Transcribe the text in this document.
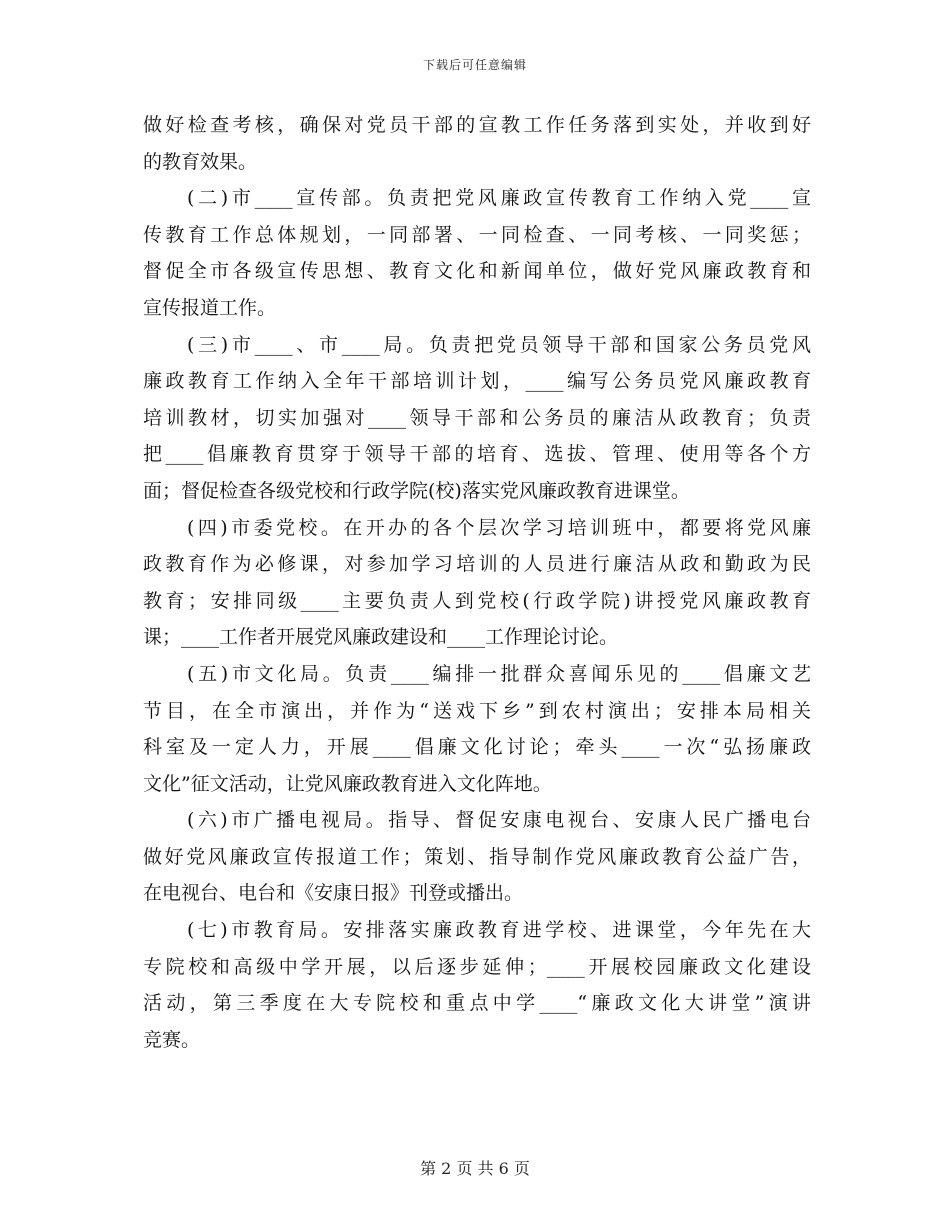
下载后可任意编辑
做好检查考核，确保对党员干部的宣教工作任务落到实处，并收到好
的教育效果。
(二)市____宣传部。负责把党风廉政宣传教育工作纳入党____宣
传教育工作总体规划，一同部署、一同检查、一同考核、一同奖惩；
督促全市各级宣传思想、教育文化和新闻单位，做好党风廉政教育和
宣传报道工作。
(三)市____、市____局。负责把党员领导干部和国家公务员党风
廉政教育工作纳入全年干部培训计划，____编写公务员党风廉政教育
培训教材，切实加强对____领导干部和公务员的廉洁从政教育；负责
把____倡廉教育贯穿于领导干部的培育、选拔、管理、使用等各个方
面；督促检查各级党校和行政学院(校)落实党风廉政教育进课堂。
(四)市委党校。在开办的各个层次学习培训班中，都要将党风廉
政教育作为必修课，对参加学习培训的人员进行廉洁从政和勤政为民
教育；安排同级____主要负责人到党校(行政学院)讲授党风廉政教育
课；____工作者开展党风廉政建设和____工作理论讨论。
(五)市文化局。负责____编排一批群众喜闻乐见的____倡廉文艺
节目，在全市演出，并作为“送戏下乡”到农村演出；安排本局相关
科室及一定人力，开展____倡廉文化讨论；牵头____一次“弘扬廉政
文化”征文活动，让党风廉政教育进入文化阵地。
(六)市广播电视局。指导、督促安康电视台、安康人民广播电台
做好党风廉政宣传报道工作；策划、指导制作党风廉政教育公益广告，
在电视台、电台和《安康日报》刊登或播出。
(七)市教育局。安排落实廉政教育进学校、进课堂，今年先在大
专院校和高级中学开展，以后逐步延伸；____开展校园廉政文化建设
活动，第三季度在大专院校和重点中学____“廉政文化大讲堂”演讲
竞赛。
第 2 页 共 6 页
